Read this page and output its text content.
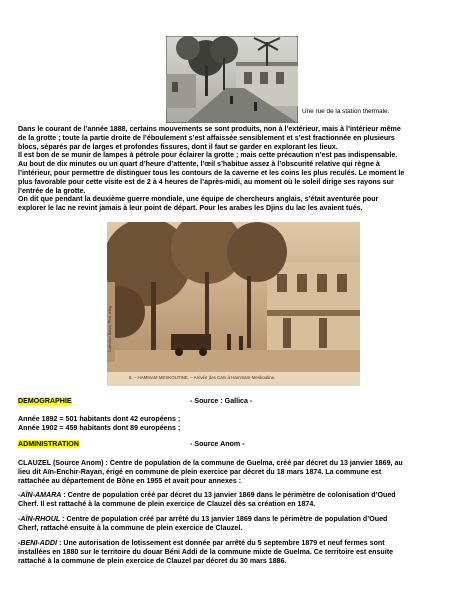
Une rue de la station thermale.
Dans le courant de l’année 1888, certains mouvements se sont produits, non à l’extérieur, mais à l’intérieur même
de la grotte ; toute la partie droite de l’éboulement s’est affaissée sensiblement et s’est fractionnée en plusieurs
blocs, séparés par de larges et profondes fissures, dont il faut se garder en explorant les lieux.
Il est bon de se munir de lampes à pétrole pour éclairer la grotte ; mais cette précaution n’est pas indispensable.
Au bout de dix minutes ou un quart d’heure d’attente, l’œil s’habitue assez à l’obscurité relative qui règne à
l’intérieur, pour permettre de distinguer tous les contours de la caverne et les coins les plus reculés. Le moment le
plus favorable pour cette visite est de 2 à 4 heures de l’après-midi, au moment où le soleil dirige ses rayons sur
l’entrée de la grotte.
On dit que pendant la deuxième guerre mondiale, une équipe de chercheurs anglais, s’était aventurée pour
explorer le lac ne revint jamais à leur point de départ. Pour les arabes les Djins du lac les avaient tués.
8. – HAMMAM MESKOUTINE. – Arrivée des Cars à Hammam-Meskoutine.
Collection Bozzo, Phot. d'Alg.
DEMOGRAPHIE	- Source : Gallica -
Année 1892 = 501 habitants dont 42 européens ;
Année 1902 = 459 habitants dont 89 européens ;
ADMINISTRATION	- Source Anom -
CLAUZEL (Source Anom) : Centre de population de la commune de Guelma, créé par décret du 13 janvier 1869, au
lieu dit Aïn-Enchir-Rayan, érigé en commune de plein exercice par décret du 18 mars 1874. La commune est
rattachée au département de Bône en 1955 et avait pour annexes :
-AÏN-AMARA : Centre de population créé par décret du 13 janvier 1869 dans le périmètre de colonisation d’Oued
Cherf. Il est rattaché à la commune de plein exercice de Clauzel dès sa création en 1874.
-AÏN-RHOUL : Centre de population créé par arrêté du 13 janvier 1869 dans le périmètre de population d’Oued
Cherf, rattaché ensuite à la commune de plein exercice de Clauzel.
-BENI-ADDI : Une autorisation de lotissement est donnée par arrêté du 5 septembre 1879 et neuf fermes sont
installées en 1880 sur le territoire du douar Béni Addi de la commune mixte de Guelma. Ce territoire est ensuite
rattaché à la commune de plein exercice de Clauzel par décret du 30 mars 1886.
